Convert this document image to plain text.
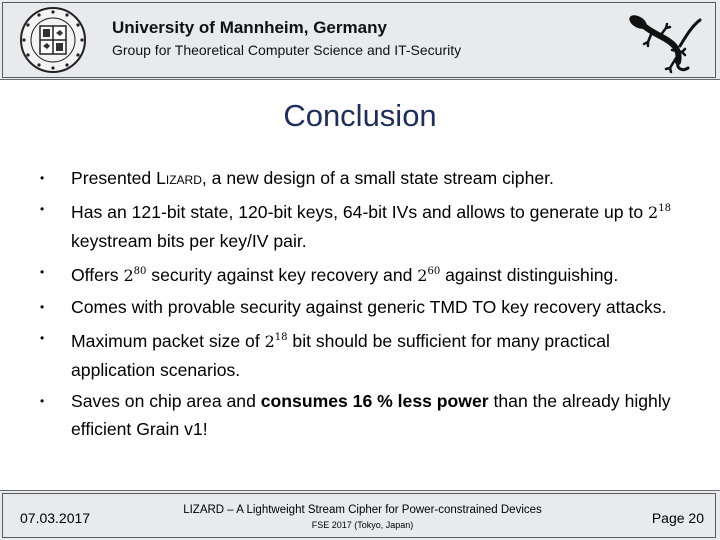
University of Mannheim, Germany
Group for Theoretical Computer Science and IT-Security
Conclusion
•	Presented Lizard, a new design of a small state stream cipher.
•	Has an 121-bit state, 120-bit keys, 64-bit IVs and allows to generate up to $2^{18}$ keystream bits per key/IV pair.
•	Offers $2^{80}$ security against key recovery and $2^{60}$ against distinguishing.
•	Comes with provable security against generic TMD TO key recovery attacks.
•	Maximum packet size of $2^{18}$ bit should be sufficient for many practical application scenarios.
•	Saves on chip area and consumes 16 % less power than the already highly efficient Grain v1!
07.03.2017	LIZARD – A Lightweight Stream Cipher for Power-constrained Devices
FSE 2017 (Tokyo, Japan)	Page 20
